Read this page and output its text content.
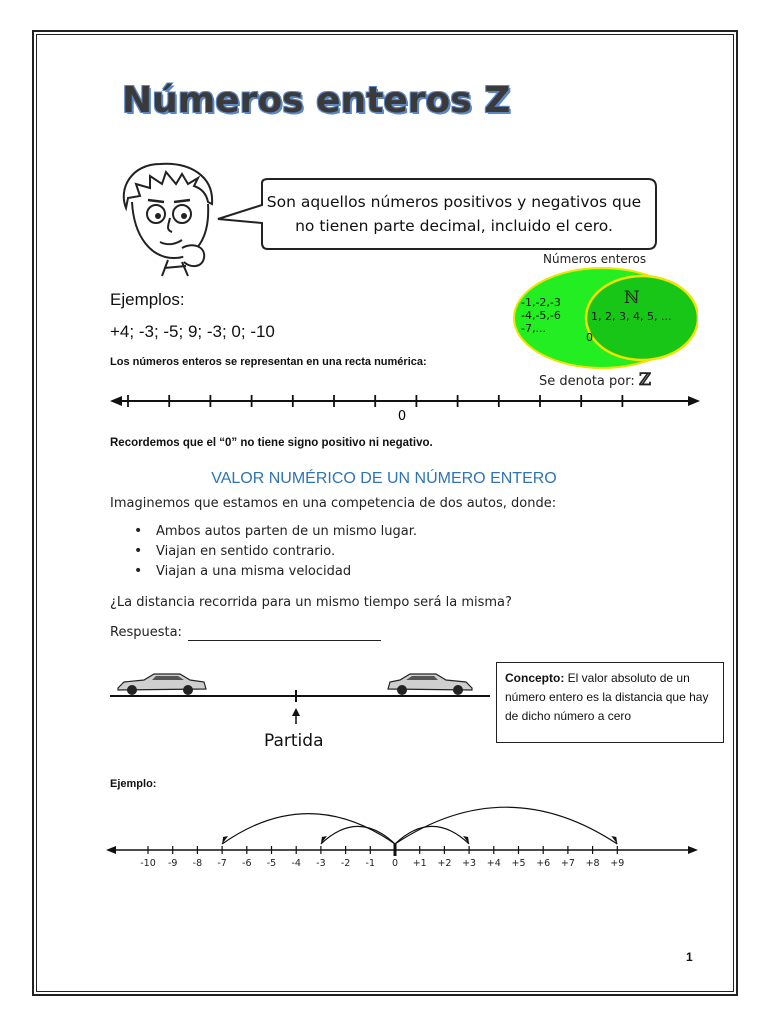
Números enteros Z
Son aquellos números positivos y negativos que
no tienen parte decimal, incluido el cero.
Números enteros
-1,-2,-3
-4,-5,-6
-7,...
ℕ
1, 2, 3, 4, 5, ...
0
Se denota por: ℤ
Ejemplos:
+4; -3; -5; 9; -3; 0; -10
Los números enteros se representan en una recta numérica:
0
Recordemos que el “0” no tiene signo positivo ni negativo.
VALOR NUMÉRICO DE UN NÚMERO ENTERO
Imaginemos que estamos en una competencia de dos autos, donde:
• Ambos autos parten de un mismo lugar.
• Viajan en sentido contrario.
• Viajan a una misma velocidad
¿La distancia recorrida para un mismo tiempo será la misma?
Respuesta:
Partida
Concepto: El valor absoluto de un número entero es la distancia que hay de dicho número a cero
Ejemplo:
-10 -9 -8 -7 -6 -5 -4 -3 -2 -1 0 +1 +2 +3 +4 +5 +6 +7 +8 +9
1
